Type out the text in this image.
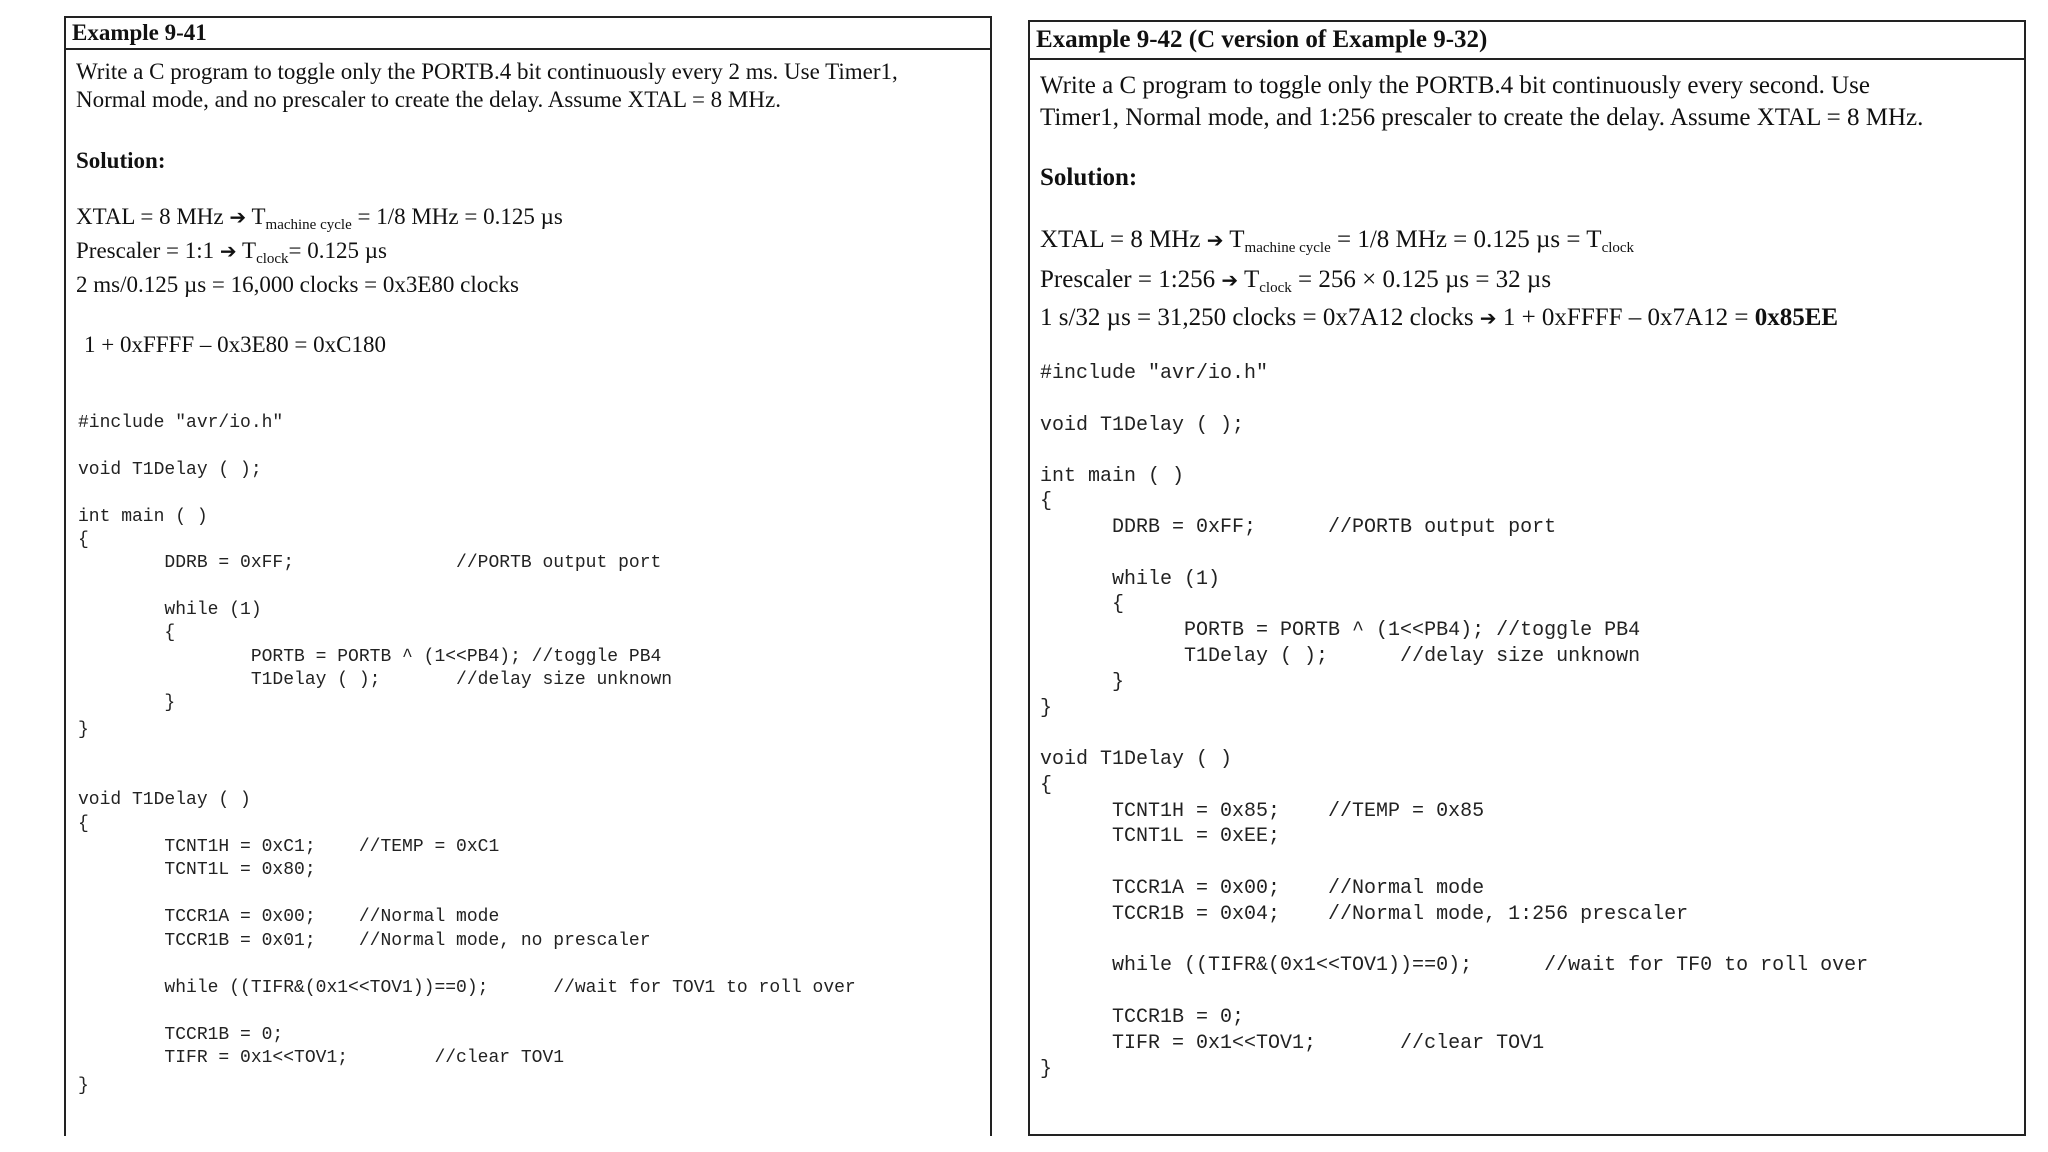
Example 9-41
Write a C program to toggle only the PORTB.4 bit continuously every 2 ms. Use Timer1,
Normal mode, and no prescaler to create the delay. Assume XTAL = 8 MHz.
Solution:
XTAL = 8 MHz ➔ $T_{machine cycle} = 1/8$ MHz = 0.125 µs
Prescaler = 1:1 ➔ $T_{clock}= 0.125$ µs
2 ms/0.125 µs = 16,000 clocks = 0x3E80 clocks
1 + 0xFFFF – 0x3E80 = 0xC180
#include "avr/io.h"
void T1Delay ( );
int main ( )
{
DDRB = 0xFF;               //PORTB output port
while (1)
{
PORTB = PORTB ^ (1<<PB4); //toggle PB4
T1Delay ( );       //delay size unknown
}
}
void T1Delay ( )
{
TCNT1H = 0xC1;    //TEMP = 0xC1
TCNT1L = 0x80;
TCCR1A = 0x00;    //Normal mode
TCCR1B = 0x01;    //Normal mode, no prescaler
while ((TIFR&(0x1<<TOV1))==0);      //wait for TOV1 to roll over
TCCR1B = 0;
TIFR = 0x1<<TOV1;        //clear TOV1
}
Example 9-42 (C version of Example 9-32)
Write a C program to toggle only the PORTB.4 bit continuously every second. Use
Timer1, Normal mode, and 1:256 prescaler to create the delay. Assume XTAL = 8 MHz.
Solution:
XTAL = 8 MHz ➔ $T_{machine cycle} = 1/8$ MHz = 0.125 $\mu s = T_{clock}$
Prescaler = 1:256 ➔ $T_{clock} = 256 \times 0.125$ µs = 32 µs
1 s/32 µs = 31,250 clocks = 0x7A12 clocks ➔ 1 + 0xFFFF – 0x7A12 = 0x85EE
#include "avr/io.h"
void T1Delay ( );
int main ( )
{
DDRB = 0xFF;      //PORTB output port
while (1)
{
PORTB = PORTB ^ (1<<PB4); //toggle PB4
T1Delay ( );      //delay size unknown
}
}
void T1Delay ( )
{
TCNT1H = 0x85;    //TEMP = 0x85
TCNT1L = 0xEE;
TCCR1A = 0x00;    //Normal mode
TCCR1B = 0x04;    //Normal mode, 1:256 prescaler
while ((TIFR&(0x1<<TOV1))==0);      //wait for TF0 to roll over
TCCR1B = 0;
TIFR = 0x1<<TOV1;       //clear TOV1
}
